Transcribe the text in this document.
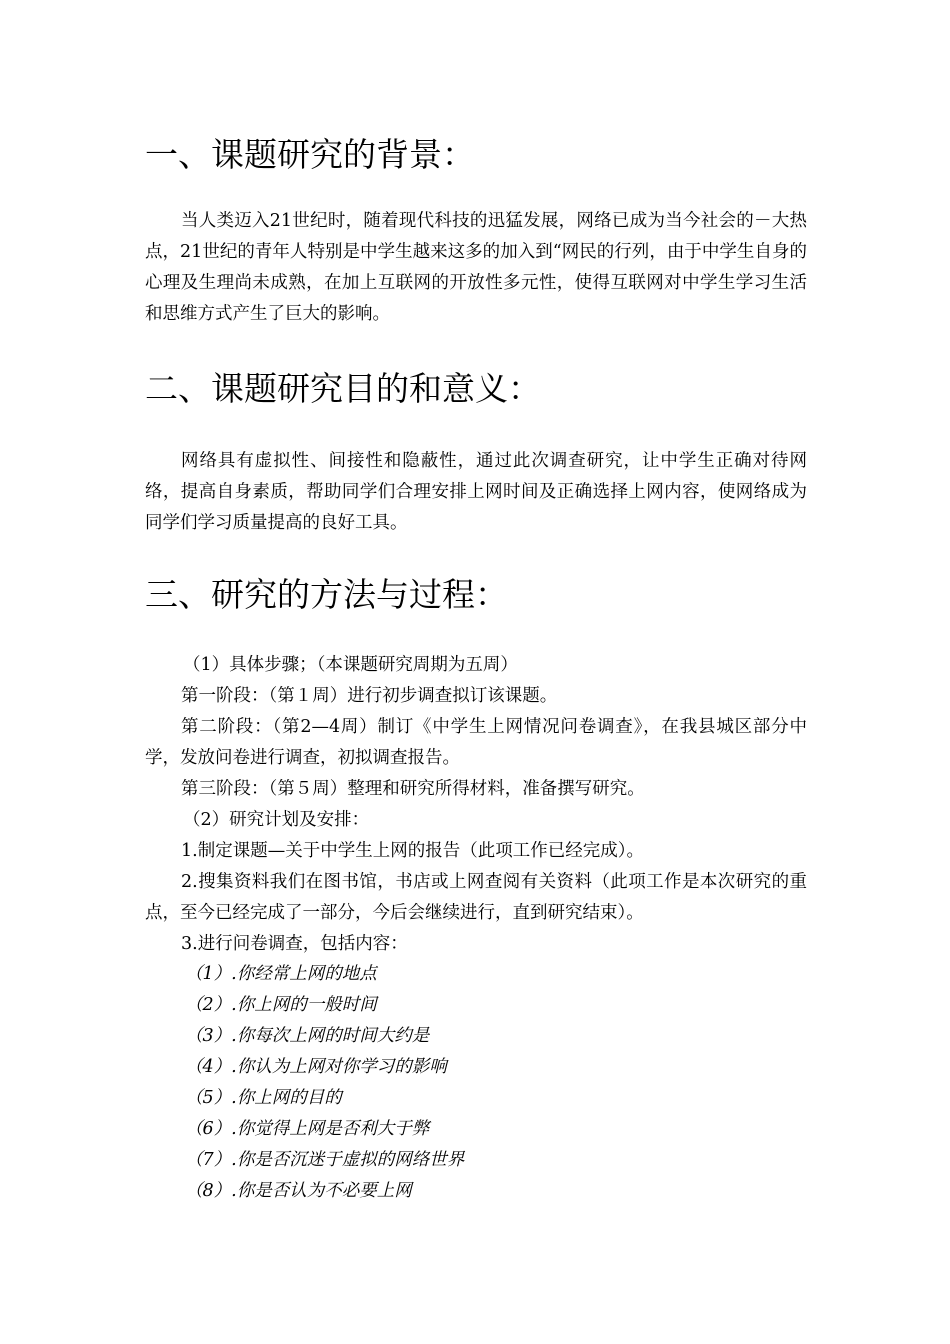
一、课题研究的背景：

当人类迈入21世纪时，随着现代科技的迅猛发展，网络已成为当今社会的－大热点，21世纪的青年人特别是中学生越来这多的加入到“网民的行列，由于中学生自身的心理及生理尚未成熟，在加上互联网的开放性多元性，使得互联网对中学生学习生活和思维方式产生了巨大的影响。

二、课题研究目的和意义：

网络具有虚拟性、间接性和隐蔽性，通过此次调查研究，让中学生正确对待网络，提高自身素质，帮助同学们合理安排上网时间及正确选择上网内容，使网络成为同学们学习质量提高的良好工具。

三、研究的方法与过程：

（1）具体步骤；（本课题研究周期为五周）

第一阶段：（第１周）进行初步调查拟订该课题。

第二阶段：（第2—4周）制订《中学生上网情况问卷调查》，在我县城区部分中学，发放问卷进行调查，初拟调查报告。

第三阶段：（第５周）整理和研究所得材料，准备撰写研究。

（2）研究计划及安排：

1.制定课题—关于中学生上网的报告（此项工作已经完成）。

2.搜集资料我们在图书馆，书店或上网查阅有关资料（此项工作是本次研究的重点，至今已经完成了一部分，今后会继续进行，直到研究结束）。

3.进行问卷调查，包括内容：

（1）.你经常上网的地点

（2）.你上网的一般时间

（3）.你每次上网的时间大约是

（4）.你认为上网对你学习的影响

（5）.你上网的目的

（6）.你觉得上网是否利大于弊

（7）.你是否沉迷于虚拟的网络世界

（8）.你是否认为不必要上网
